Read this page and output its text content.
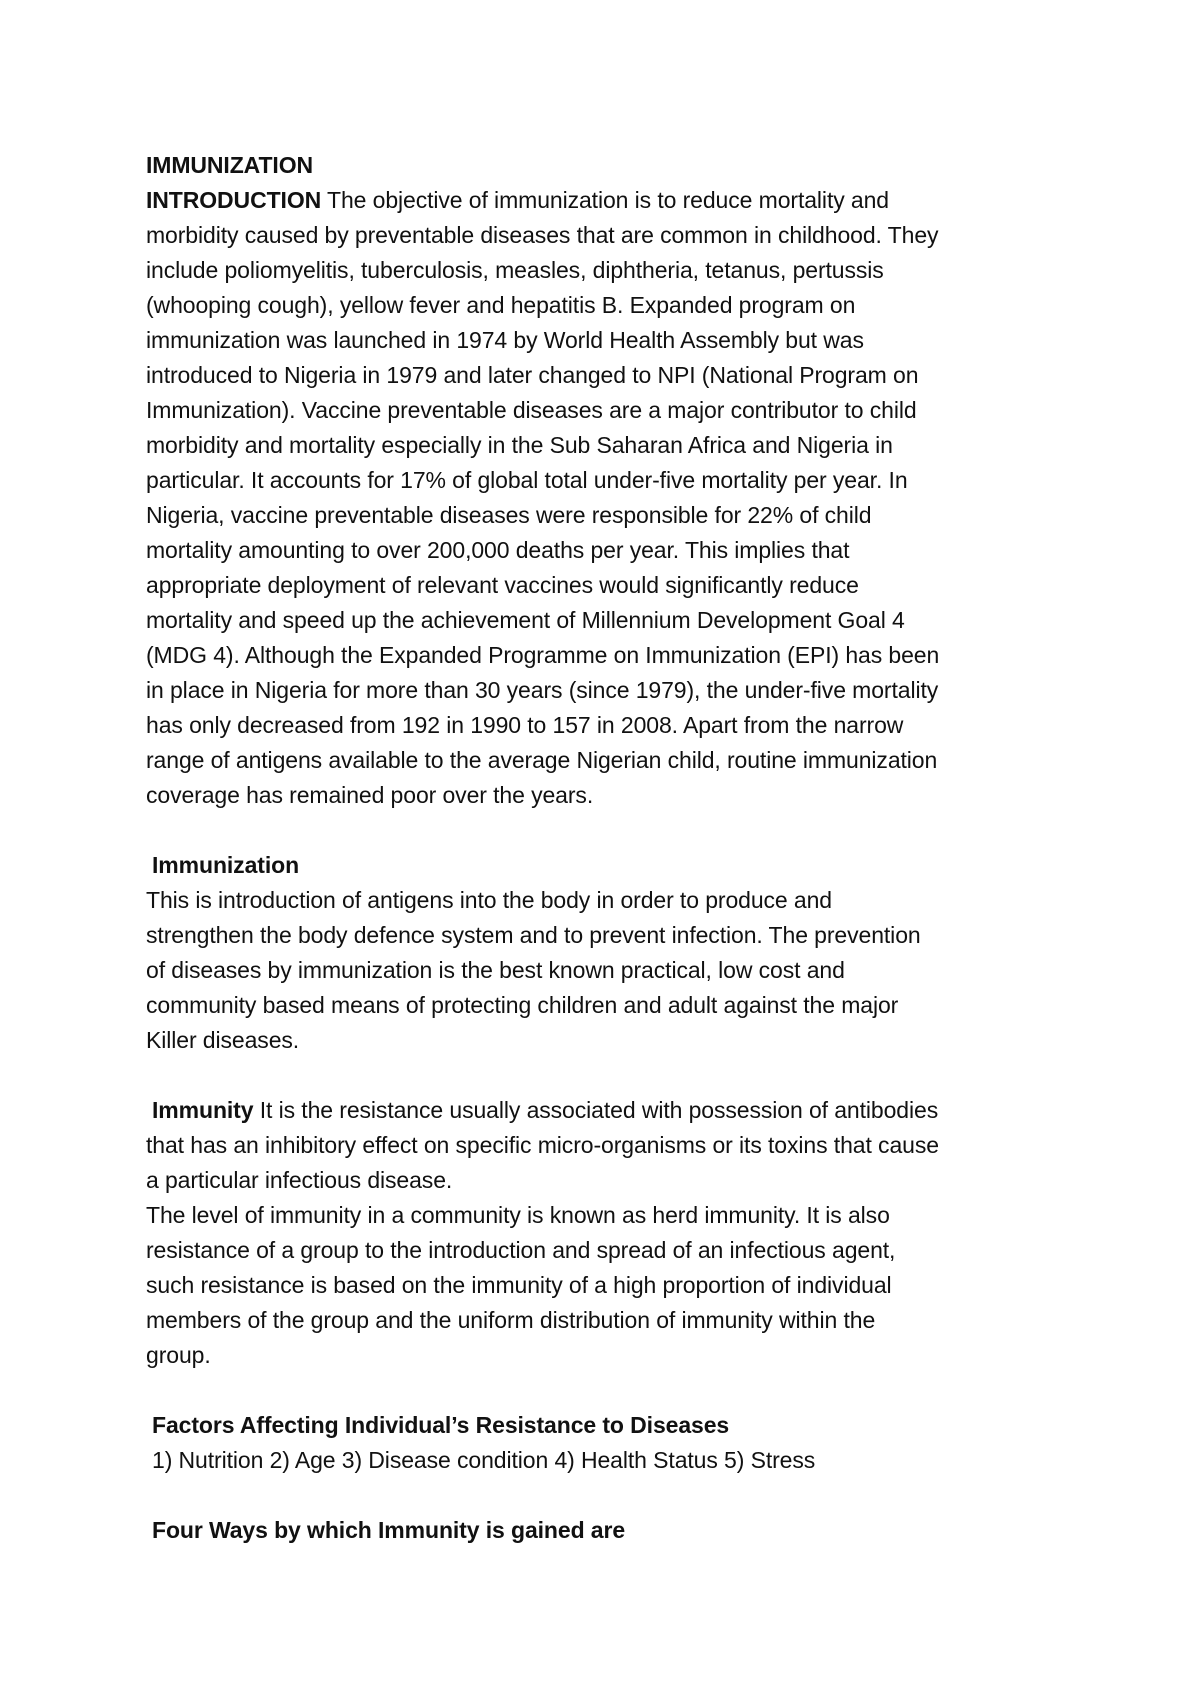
IMMUNIZATION
INTRODUCTION The objective of immunization is to reduce mortality and
morbidity caused by preventable diseases that are common in childhood. They
include poliomyelitis, tuberculosis, measles, diphtheria, tetanus, pertussis
(whooping cough), yellow fever and hepatitis B. Expanded program on
immunization was launched in 1974 by World Health Assembly but was
introduced to Nigeria in 1979 and later changed to NPI (National Program on
Immunization). Vaccine preventable diseases are a major contributor to child
morbidity and mortality especially in the Sub Saharan Africa and Nigeria in
particular. It accounts for 17% of global total under-five mortality per year. In
Nigeria, vaccine preventable diseases were responsible for 22% of child
mortality amounting to over 200,000 deaths per year. This implies that
appropriate deployment of relevant vaccines would significantly reduce
mortality and speed up the achievement of Millennium Development Goal 4
(MDG 4). Although the Expanded Programme on Immunization (EPI) has been
in place in Nigeria for more than 30 years (since 1979), the under-five mortality
has only decreased from 192 in 1990 to 157 in 2008. Apart from the narrow
range of antigens available to the average Nigerian child, routine immunization
coverage has remained poor over the years.
Immunization
This is introduction of antigens into the body in order to produce and
strengthen the body defence system and to prevent infection. The prevention
of diseases by immunization is the best known practical, low cost and
community based means of protecting children and adult against the major
Killer diseases.
Immunity It is the resistance usually associated with possession of antibodies
that has an inhibitory effect on specific micro-organisms or its toxins that cause
a particular infectious disease.
The level of immunity in a community is known as herd immunity. It is also
resistance of a group to the introduction and spread of an infectious agent,
such resistance is based on the immunity of a high proportion of individual
members of the group and the uniform distribution of immunity within the
group.
Factors Affecting Individual’s Resistance to Diseases
1) Nutrition 2) Age 3) Disease condition 4) Health Status 5) Stress
Four Ways by which Immunity is gained are
